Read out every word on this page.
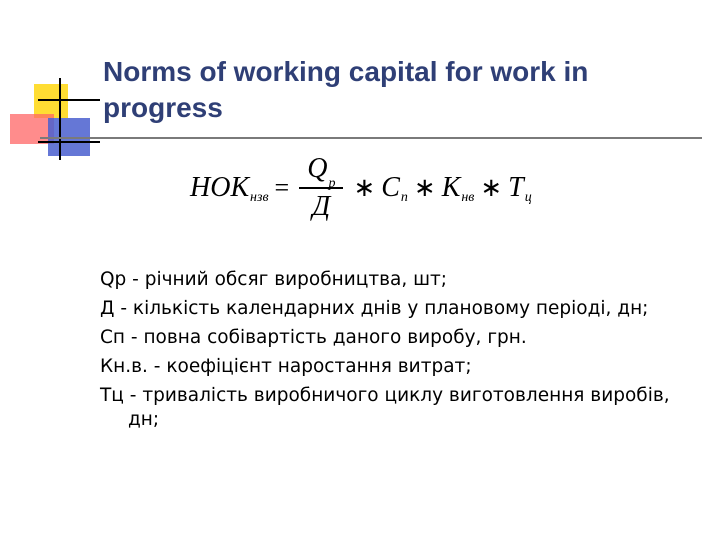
Norms of working capital for work in progress
НОК нзв = $\frac{\text{Q р}}{Д}$ ∗ С п ∗ К нв ∗ Т ц
Qр - річний обсяг виробництва, шт;
Д - кількість календарних днів у плановому періоді, дн;
Сп - повна собівартість даного виробу, грн.
Кн.в. - коефіцієнт наростання витрат;
Тц - тривалість виробничого циклу виготовлення виробів, дн;
